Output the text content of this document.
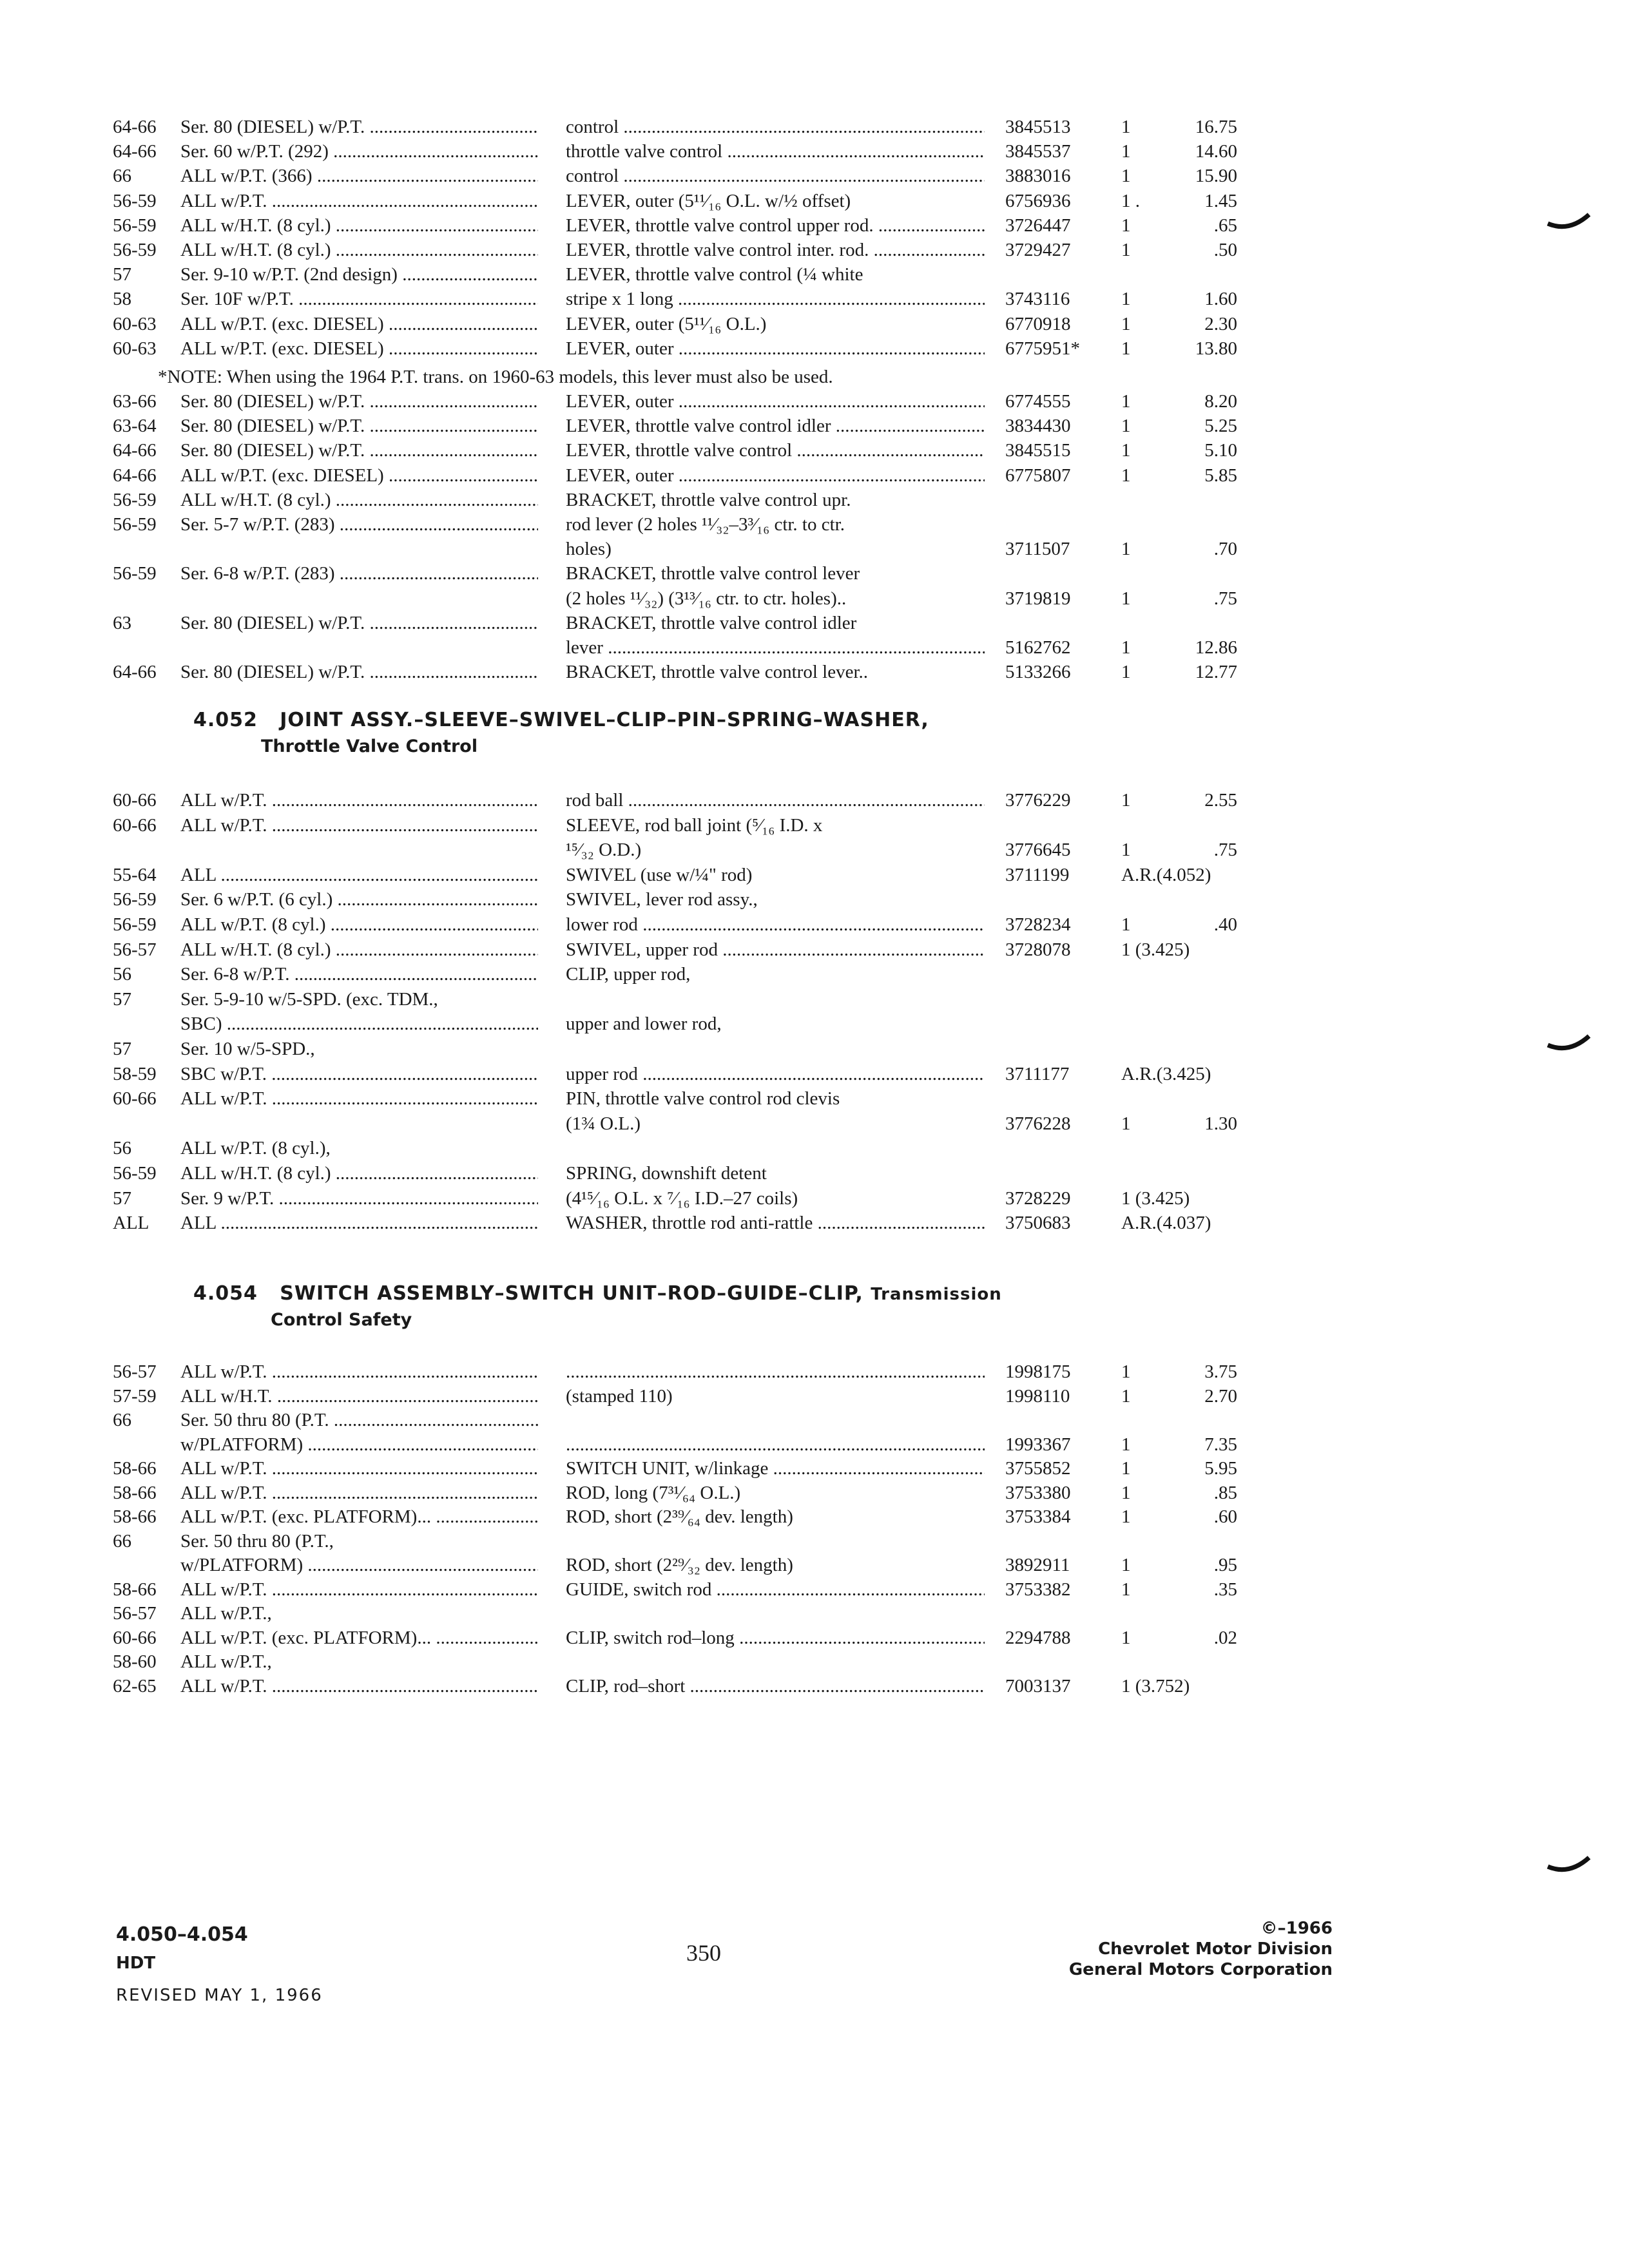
64-66 Ser. 80 (DIESEL) w/P.T. .....	control .....	3845513	1	16.75
64-66 Ser. 60 w/P.T. (292) .....	throttle valve control .....	3845537	1	14.60
66	ALL w/P.T. (366) .....	control .....	3883016	1	15.90
56-59 ALL w/P.T. .....	LEVER, outer (5¹¹⁄₁₆ O.L. w/½ offset)	6756936	1 .	1.45
56-59 ALL w/H.T. (8 cyl.) .....	LEVER, throttle valve control upper rod. .....	3726447	1	.65
56-59 ALL w/H.T. (8 cyl.) .....	LEVER, throttle valve control inter. rod. .....	3729427	1	.50
57	Ser. 9-10 w/P.T. (2nd design) .....	LEVER, throttle valve control (¼ white
58	Ser. 10F w/P.T. .....	stripe x 1 long .....	3743116	1	1.60
60-63 ALL w/P.T. (exc. DIESEL) .....	LEVER, outer (5¹¹⁄₁₆ O.L.)	6770918	1	2.30
60-63 ALL w/P.T. (exc. DIESEL) .....	LEVER, outer .....	6775951* 1	13.80
*NOTE: When using the 1964 P.T. trans. on 1960-63 models, this lever must also be used.
63-66 Ser. 80 (DIESEL) w/P.T. .....	LEVER, outer .....	6774555	1	8.20
63-64 Ser. 80 (DIESEL) w/P.T. .....	LEVER, throttle valve control idler .....	3834430	1	5.25
64-66 Ser. 80 (DIESEL) w/P.T. .....	LEVER, throttle valve control .....	3845515	1	5.10
64-66 ALL w/P.T. (exc. DIESEL) .....	LEVER, outer .....	6775807	1	5.85
56-59 ALL w/H.T. (8 cyl.) .....	BRACKET, throttle valve control upr.
56-59 Ser. 5-7 w/P.T. (283) .....	rod lever (2 holes ¹¹⁄₃₂–3³⁄₁₆ ctr. to ctr.
holes)	3711507	1	.70
56-59 Ser. 6-8 w/P.T. (283) .....	BRACKET, throttle valve control lever
(2 holes ¹¹⁄₃₂) (3¹³⁄₁₆ ctr. to ctr. holes)..	3719819	1	.75
63	Ser. 80 (DIESEL) w/P.T. .....	BRACKET, throttle valve control idler
lever .....	5162762	1	12.86
64-66 Ser. 80 (DIESEL) w/P.T. .....	BRACKET, throttle valve control lever..	5133266	1	12.77
4.052 JOINT ASSY.–SLEEVE–SWIVEL–CLIP–PIN–SPRING–WASHER,
Throttle Valve Control
60-66 ALL w/P.T. .....	rod ball .....	3776229	1	2.55
60-66 ALL w/P.T. .....	SLEEVE, rod ball joint (⁵⁄₁₆ I.D. x
¹⁵⁄₃₂ O.D.)	3776645	1	.75
55-64 ALL .....	SWIVEL (use w/¼" rod)	3711199	A.R.(4.052)
56-59 Ser. 6 w/P.T. (6 cyl.) .....	SWIVEL, lever rod assy.,
56-59 ALL w/P.T. (8 cyl.) .....	lower rod .....	3728234	1	.40
56-57 ALL w/H.T. (8 cyl.) .....	SWIVEL, upper rod .....	3728078	1 (3.425)
56	Ser. 6-8 w/P.T. .....	CLIP, upper rod,
57	Ser. 5-9-10 w/5-SPD. (exc. TDM.,
SBC) .....	upper and lower rod,
57	Ser. 10 w/5-SPD.,
58-59 SBC w/P.T. .....	upper rod .....	3711177	A.R.(3.425)
60-66 ALL w/P.T. .....	PIN, throttle valve control rod clevis
(1¾ O.L.)	3776228	1	1.30
56	ALL w/P.T. (8 cyl.),
56-59 ALL w/H.T. (8 cyl.) .....	SPRING, downshift detent
57	Ser. 9 w/P.T. .....	(4¹⁵⁄₁₆ O.L. x ⁷⁄₁₆ I.D.–27 coils)	3728229	1 (3.425)
ALL ALL .....	WASHER, throttle rod anti-rattle .....	3750683	A.R.(4.037)
4.054 SWITCH ASSEMBLY–SWITCH UNIT–ROD–GUIDE–CLIP, Transmission
Control Safety
56-57 ALL w/P.T. ..... .....	1998175	1	3.75
57-59 ALL w/H.T. .....	(stamped 110)	1998110	1	2.70
66	Ser. 50 thru 80 (P.T. .....
w/PLATFORM) ..... .....	1993367	1	7.35
58-66 ALL w/P.T. .....	SWITCH UNIT, w/linkage .....	3755852	1	5.95
58-66 ALL w/P.T. .....	ROD, long (7³¹⁄₆₄ O.L.)	3753380	1	.85
58-66 ALL w/P.T. (exc. PLATFORM)... .....	ROD, short (2³⁹⁄₆₄ dev. length)	3753384	1	.60
66	Ser. 50 thru 80 (P.T.,
w/PLATFORM) .....	ROD, short (2²⁹⁄₃₂ dev. length)	3892911	1	.95
58-66 ALL w/P.T. .....	GUIDE, switch rod .....	3753382	1	.35
56-57 ALL w/P.T.,
60-66 ALL w/P.T. (exc. PLATFORM)... .....	CLIP, switch rod–long .....	2294788	1	.02
58-60 ALL w/P.T.,
62-65 ALL w/P.T. .....	CLIP, rod–short .....	7003137	1 (3.752)
4.050–4.054
HDT
REVISED MAY 1, 1966
350
©–1966
Chevrolet Motor Division
General Motors Corporation
